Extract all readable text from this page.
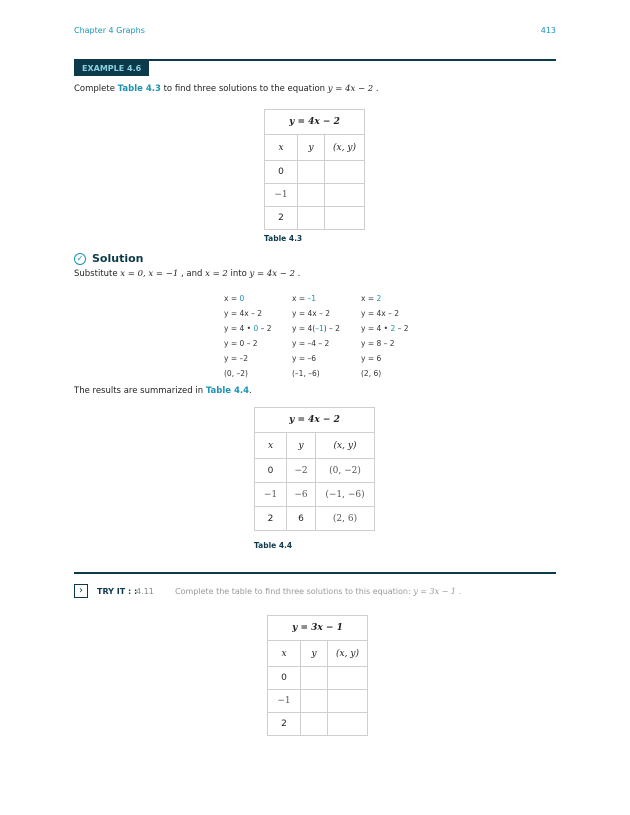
Chapter 4 Graphs	413
EXAMPLE 4.6
Complete Table 4.3 to find three solutions to the equation y = 4x − 2 .
y = 4x − 2		
x	y	(x, y)
0		
−1		
2		
Table 4.3
✓ Solution
Substitute x = 0, x = −1 , and x = 2 into y = 4x − 2 .
x = 0
y = 4x – 2
y = 4 • 0 – 2
y = 0 – 2
y = –2
(0, –2)
x = –1
y = 4x – 2
y = 4(–1) – 2
y = –4 – 2
y = –6
(–1, –6)
x = 2
y = 4x – 2
y = 4 • 2 – 2
y = 8 – 2
y = 6
(2, 6)
The results are summarized in Table 4.4.
y = 4x − 2		
x	y	(x, y)
0	−2	(0, −2)
−1	−6	(−1, −6)
2	6	(2, 6)
Table 4.4
›	TRY IT : :
4.11	Complete the table to find three solutions to this equation: y = 3x − 1 .
y = 3x − 1		
x	y	(x, y)
0		
−1		
2		
